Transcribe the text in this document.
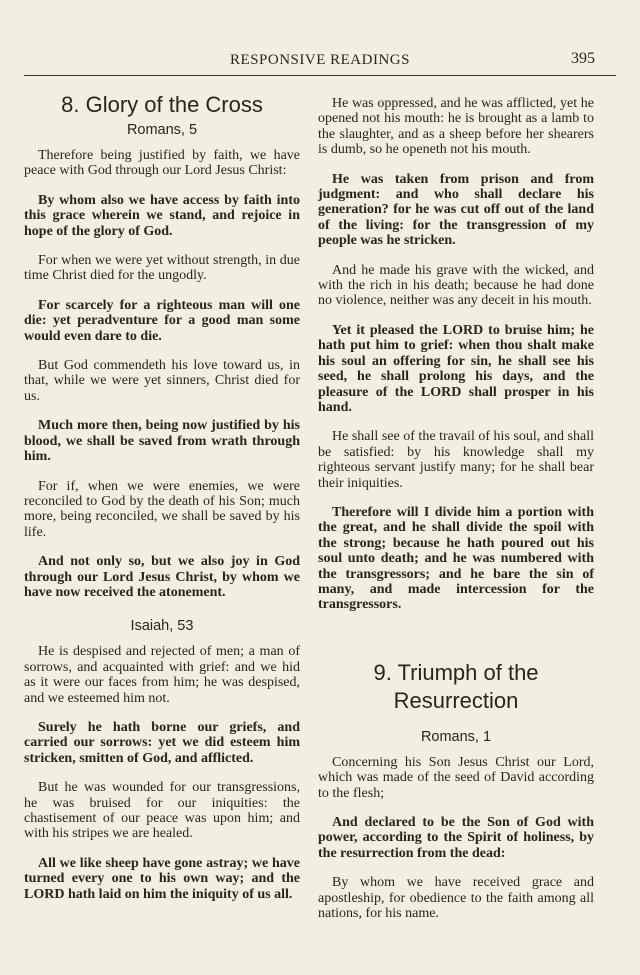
RESPONSIVE READINGS	395
8. Glory of the Cross
Romans, 5

Therefore being justified by faith, we have peace with God through our Lord Jesus Christ:

By whom also we have access by faith into this grace wherein we stand, and rejoice in hope of the glory of God.

For when we were yet without strength, in due time Christ died for the ungodly.

For scarcely for a righteous man will one die: yet peradventure for a good man some would even dare to die.

But God commendeth his love toward us, in that, while we were yet sinners, Christ died for us.

Much more then, being now justified by his blood, we shall be saved from wrath through him.

For if, when we were enemies, we were reconciled to God by the death of his Son; much more, being reconciled, we shall be saved by his life.

And not only so, but we also joy in God through our Lord Jesus Christ, by whom we have now received the atonement.

Isaiah, 53

He is despised and rejected of men; a man of sorrows, and acquainted with grief: and we hid as it were our faces from him; he was despised, and we esteemed him not.

Surely he hath borne our griefs, and carried our sorrows: yet we did esteem him stricken, smitten of God, and afflicted.

But he was wounded for our transgressions, he was bruised for our iniquities: the chastisement of our peace was upon him; and with his stripes we are healed.

All we like sheep have gone astray; we have turned every one to his own way; and the LORD hath laid on him the iniquity of us all.

He was oppressed, and he was afflicted, yet he opened not his mouth: he is brought as a lamb to the slaughter, and as a sheep before her shearers is dumb, so he openeth not his mouth.

He was taken from prison and from judgment: and who shall declare his generation? for he was cut off out of the land of the living: for the transgression of my people was he stricken.

And he made his grave with the wicked, and with the rich in his death; because he had done no violence, neither was any deceit in his mouth.

Yet it pleased the LORD to bruise him; he hath put him to grief: when thou shalt make his soul an offering for sin, he shall see his seed, he shall prolong his days, and the pleasure of the LORD shall prosper in his hand.

He shall see of the travail of his soul, and shall be satisfied: by his knowledge shall my righteous servant justify many; for he shall bear their iniquities.

Therefore will I divide him a portion with the great, and he shall divide the spoil with the strong; because he hath poured out his soul unto death; and he was numbered with the transgressors; and he bare the sin of many, and made intercession for the transgressors.

9. Triumph of the Resurrection
Romans, 1

Concerning his Son Jesus Christ our Lord, which was made of the seed of David according to the flesh;

And declared to be the Son of God with power, according to the Spirit of holiness, by the resurrection from the dead:

By whom we have received grace and apostleship, for obedience to the faith among all nations, for his name.
